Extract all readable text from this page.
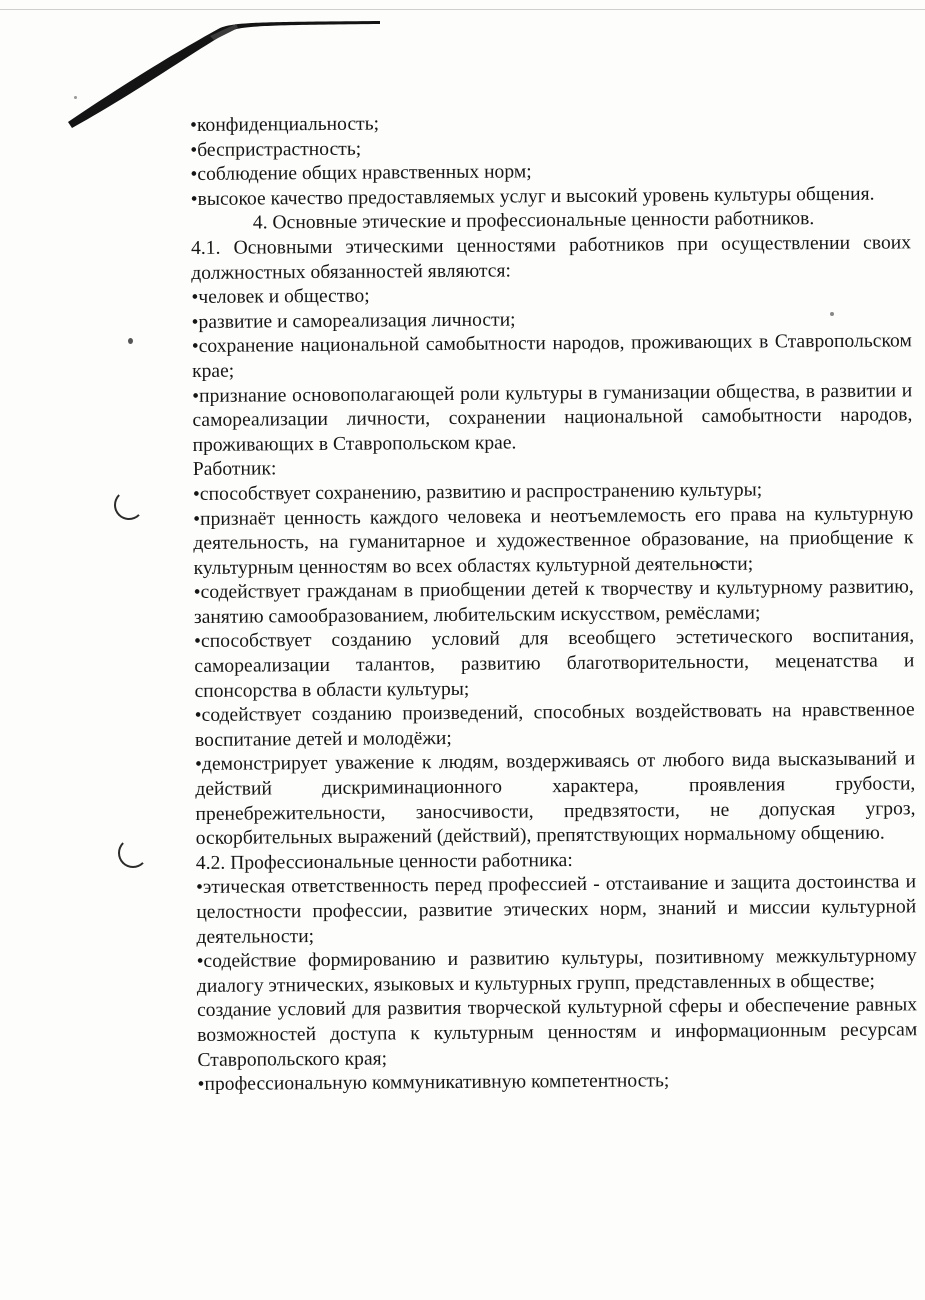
•конфиденциальность;

•беспристрастность;

•соблюдение общих нравственных норм;

•высокое качество предоставляемых услуг и высокий уровень культуры общения.

4. Основные этические и профессиональные ценности работников.

4.1. Основными этическими ценностями работников при осуществлении своих должностных обязанностей являются:

•человек и общество;

•развитие и самореализация личности;

•сохранение национальной самобытности народов, проживающих в Ставропольском крае;

•признание основополагающей роли культуры в гуманизации общества, в развитии и самореализации личности, сохранении национальной самобытности народов, проживающих в Ставропольском крае.

Работник:

•способствует сохранению, развитию и распространению культуры;

•признаёт ценность каждого человека и неотъемлемость его права на культурную деятельность, на гуманитарное и художественное образование, на приобщение к культурным ценностям во всех областях культурной деятельности;

•содействует гражданам в приобщении детей к творчеству и культурному развитию, занятию самообразованием, любительским искусством, ремёслами;

•способствует созданию условий для всеобщего эстетического воспитания, самореализации талантов, развитию благотворительности, меценатства и спонсорства в области культуры;

•содействует созданию произведений, способных воздействовать на нравственное воспитание детей и молодёжи;

•демонстрирует уважение к людям, воздерживаясь от любого вида высказываний и действий дискриминационного характера, проявления грубости, пренебрежительности, заносчивости, предвзятости, не допуская угроз, оскорбительных выражений (действий), препятствующих нормальному общению.

4.2. Профессиональные ценности работника:

•этическая ответственность перед профессией - отстаивание и защита достоинства и целостности профессии, развитие этических норм, знаний и миссии культурной деятельности;

•содействие формированию и развитию культуры, позитивному межкультурному диалогу этнических, языковых и культурных групп, представленных в обществе;

создание условий для развития творческой культурной сферы и обеспечение равных возможностей доступа к культурным ценностям и информационным ресурсам Ставропольского края;

•профессиональную коммуникативную компетентность;
